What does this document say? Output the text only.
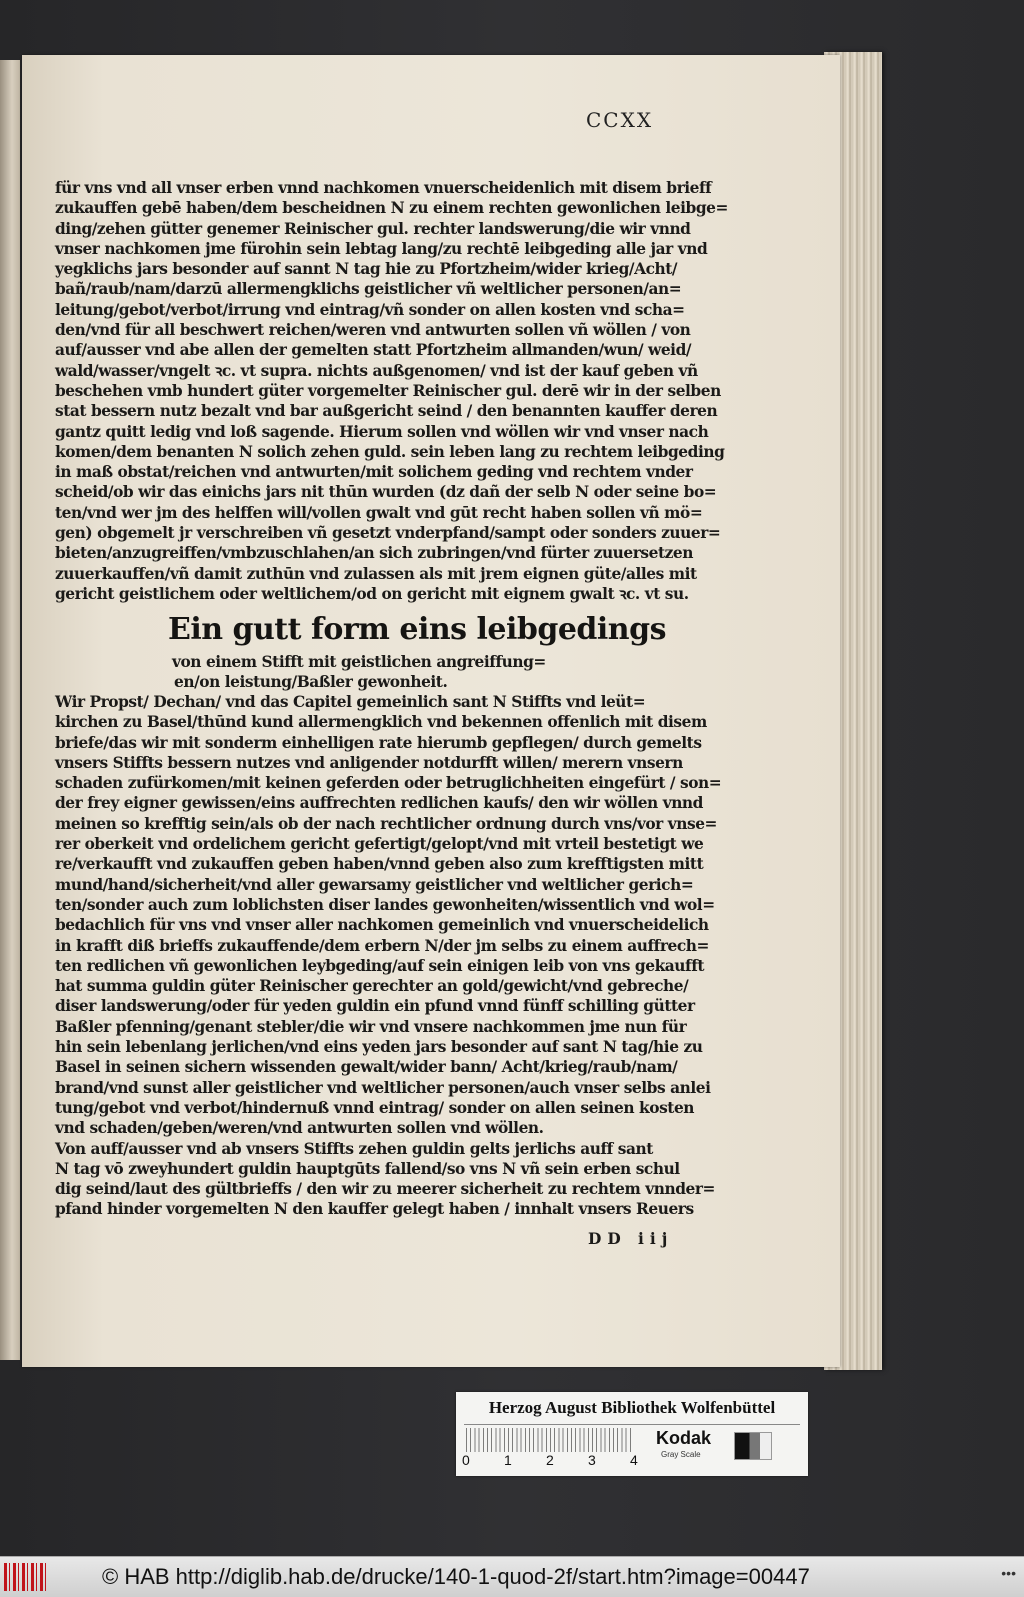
CCXX
für vns vnd all vnser erben vnnd nachkomen vnuerscheidenlich mit disem brieff
zukauffen gebē haben/dem bescheidnen N zu einem rechten gewonlichen leibge=
ding/zehen gütter genemer Reinischer gul. rechter landswerung/die wir vnnd
vnser nachkomen jme fürohin sein lebtag lang/zu rechtē leibgeding alle jar vnd
yegklichs jars besonder auf sannt N tag hie zu Pfortzheim/wider krieg/Acht/
bañ/raub/nam/darzū allermengklichs geistlicher vñ weltlicher personen/an=
leitung/gebot/verbot/irrung vnd eintrag/vñ sonder on allen kosten vnd scha=
den/vnd für all beschwert reichen/weren vnd antwurten sollen vñ wöllen / von
auf/ausser vnd abe allen der gemelten statt Pfortzheim allmanden/wun/ weid/
wald/wasser/vngelt ꝛc. vt supra. nichts außgenomen/ vnd ist der kauf geben vñ
beschehen vmb hundert güter vorgemelter Reinischer gul. derē wir in der selben
stat bessern nutz bezalt vnd bar außgericht seind / den benannten kauffer deren
gantz quitt ledig vnd loß sagende. Hierum sollen vnd wöllen wir vnd vnser nach
komen/dem benanten N solich zehen guld. sein leben lang zu rechtem leibgeding
in maß obstat/reichen vnd antwurten/mit solichem geding vnd rechtem vnder
scheid/ob wir das einichs jars nit thūn wurden (dz dañ der selb N oder seine bo=
ten/vnd wer jm des helffen will/vollen gwalt vnd gūt recht haben sollen vñ mö=
gen) obgemelt jr verschreiben vñ gesetzt vnderpfand/sampt oder sonders zuuer=
bieten/anzugreiffen/vmbzuschlahen/an sich zubringen/vnd fürter zuuersetzen
zuuerkauffen/vñ damit zuthūn vnd zulassen als mit jrem eignen güte/alles mit
gericht geistlichem oder weltlichem/od on gericht mit eignem gwalt ꝛc. vt su.
Ein gutt form eins leibgedings
von einem Stifft mit geistlichen angreiffung=
en/on leistung/Baßler gewonheit.
Wir Propst/ Dechan/ vnd das Capitel gemeinlich sant N Stiffts vnd leüt=
kirchen zu Basel/thūnd kund allermengklich vnd bekennen offenlich mit disem
briefe/das wir mit sonderm einhelligen rate hierumb gepflegen/ durch gemelts
vnsers Stiffts bessern nutzes vnd anligender notdurfft willen/ merern vnsern
schaden zufürkomen/mit keinen geferden oder betruglichheiten eingefürt / son=
der frey eigner gewissen/eins auffrechten redlichen kaufs/ den wir wöllen vnnd
meinen so krefftig sein/als ob der nach rechtlicher ordnung durch vns/vor vnse=
rer oberkeit vnd ordelichem gericht gefertigt/gelopt/vnd mit vrteil bestetigt we
re/verkaufft vnd zukauffen geben haben/vnnd geben also zum krefftigsten mitt
mund/hand/sicherheit/vnd aller gewarsamy geistlicher vnd weltlicher gerich=
ten/sonder auch zum loblichsten diser landes gewonheiten/wissentlich vnd wol=
bedachlich für vns vnd vnser aller nachkomen gemeinlich vnd vnuerscheidelich
in krafft diß brieffs zukauffende/dem erbern N/der jm selbs zu einem auffrech=
ten redlichen vñ gewonlichen leybgeding/auf sein einigen leib von vns gekaufft
hat summa guldin güter Reinischer gerechter an gold/gewicht/vnd gebreche/
diser landswerung/oder für yeden guldin ein pfund vnnd fünff schilling gütter
Baßler pfenning/genant stebler/die wir vnd vnsere nachkommen jme nun für
hin sein lebenlang jerlichen/vnd eins yeden jars besonder auf sant N tag/hie zu
Basel in seinen sichern wissenden gewalt/wider bann/ Acht/krieg/raub/nam/
brand/vnd sunst aller geistlicher vnd weltlicher personen/auch vnser selbs anlei
tung/gebot vnd verbot/hindernuß vnnd eintrag/ sonder on allen seinen kosten
vnd schaden/geben/weren/vnd antwurten sollen vnd wöllen.
Von auff/ausser vnd ab vnsers Stiffts zehen guldin gelts jerlichs auff sant
N tag vō zweyhundert guldin hauptgūts fallend/so vns N vñ sein erben schul
dig seind/laut des gültbrieffs / den wir zu meerer sicherheit zu rechtem vnnder=
pfand hinder vorgemelten N den kauffer gelegt haben / innhalt vnsers Reuers
DD iij
Herzog August Bibliothek Wolfenbüttel
0 1 2 3 4
Kodak
Gray Scale
© HAB http://diglib.hab.de/drucke/140-1-quod-2f/start.htm?image=00447	•••
